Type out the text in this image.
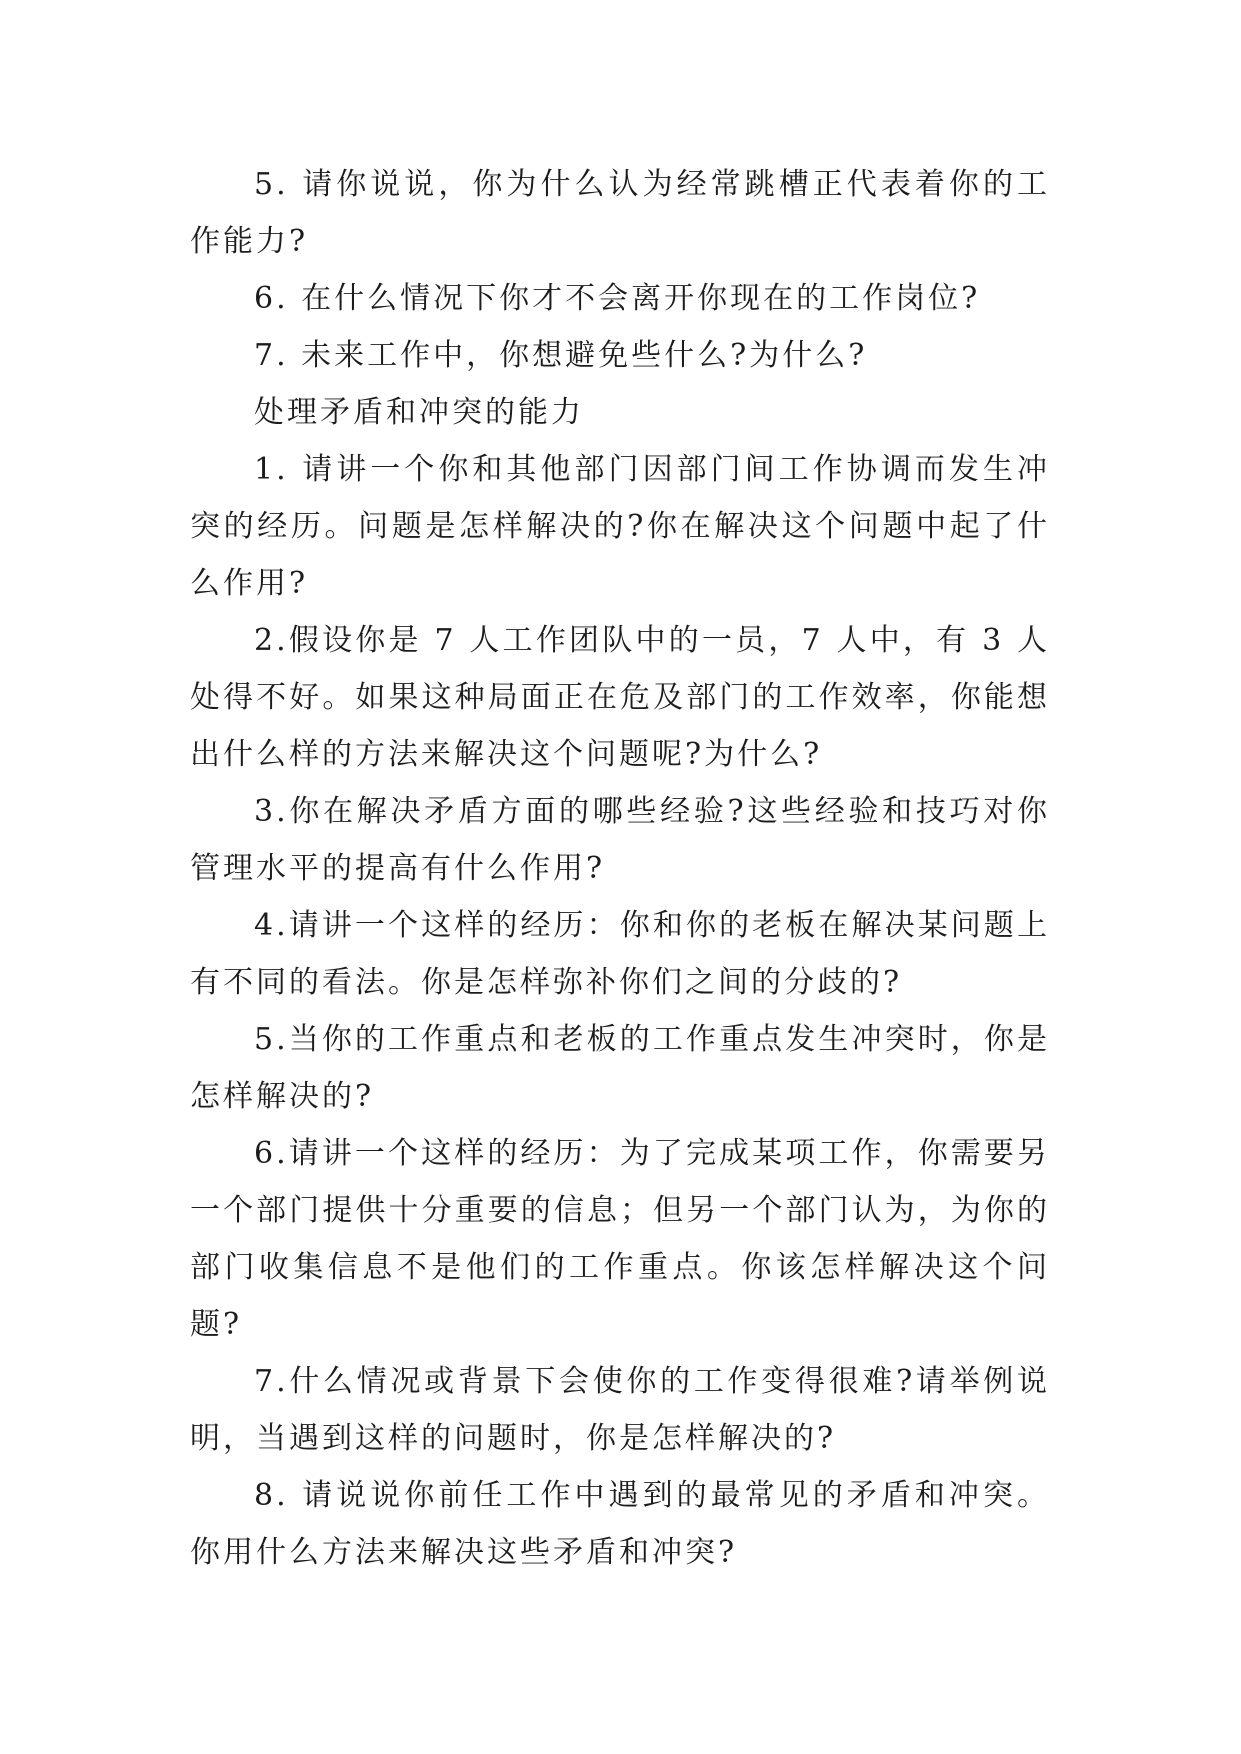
5. 请你说说，你为什么认为经常跳槽正代表着你的工作能力?

6. 在什么情况下你才不会离开你现在的工作岗位?

7. 未来工作中，你想避免些什么?为什么?

处理矛盾和冲突的能力

1. 请讲一个你和其他部门因部门间工作协调而发生冲突的经历。问题是怎样解决的?你在解决这个问题中起了什么作用?

2.假设你是 7 人工作团队中的一员，7 人中，有 3 人处得不好。如果这种局面正在危及部门的工作效率，你能想出什么样的方法来解决这个问题呢?为什么?

3.你在解决矛盾方面的哪些经验?这些经验和技巧对你管理水平的提高有什么作用?

4.请讲一个这样的经历：你和你的老板在解决某问题上有不同的看法。你是怎样弥补你们之间的分歧的?

5.当你的工作重点和老板的工作重点发生冲突时，你是怎样解决的?

6.请讲一个这样的经历：为了完成某项工作，你需要另一个部门提供十分重要的信息；但另一个部门认为，为你的部门收集信息不是他们的工作重点。你该怎样解决这个问题?

7.什么情况或背景下会使你的工作变得很难?请举例说明，当遇到这样的问题时，你是怎样解决的?

8. 请说说你前任工作中遇到的最常见的矛盾和冲突。你用什么方法来解决这些矛盾和冲突?
